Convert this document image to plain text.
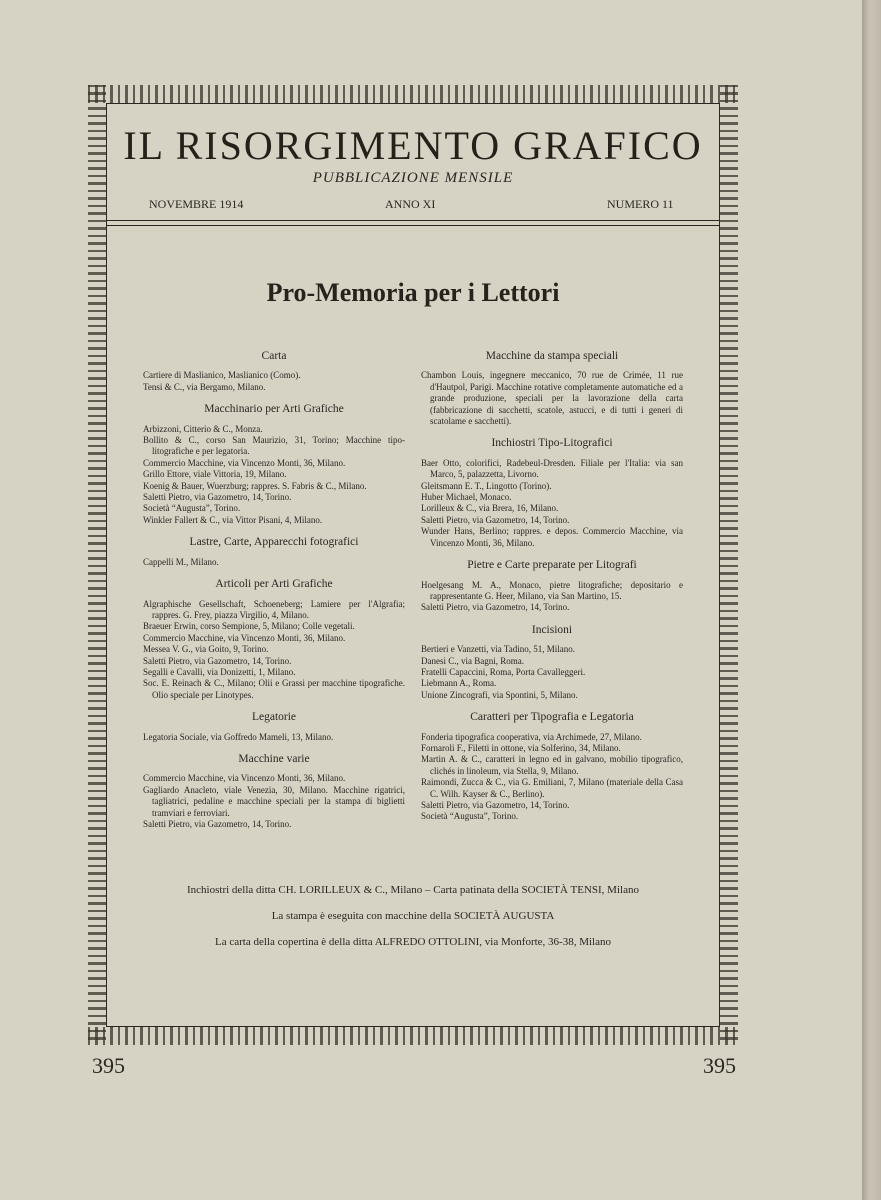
IL RISORGIMENTO GRAFICO
PUBBLICAZIONE MENSILE
NOVEMBRE 1914	ANNO XI	NUMERO 11
Pro-Memoria per i Lettori
Carta
Cartiere di Maslianico, Maslianico (Como).
Tensi & C., via Bergamo, Milano.
Macchinario per Arti Grafiche
Arbizzoni, Citterio & C., Monza.
Bollito & C., corso San Maurizio, 31, Torino; Macchine tipo-litografiche e per legatoria.
Commercio Macchine, via Vincenzo Monti, 36, Milano.
Grillo Ettore, viale Vittoria, 19, Milano.
Koenig & Bauer, Wuerzburg; rappres. S. Fabris & C., Milano.
Saletti Pietro, via Gazometro, 14, Torino.
Società “Augusta”, Torino.
Winkler Fallert & C., via Vittor Pisani, 4, Milano.
Lastre, Carte, Apparecchi fotografici
Cappelli M., Milano.
Articoli per Arti Grafiche
Algraphische Gesellschaft, Schoeneberg; Lamiere per l'Algrafia; rappres. G. Frey, piazza Virgilio, 4, Milano.
Braeuer Erwin, corso Sempione, 5, Milano; Colle vegetali.
Commercio Macchine, via Vincenzo Monti, 36, Milano.
Messea V. G., via Goito, 9, Torino.
Saletti Pietro, via Gazometro, 14, Torino.
Segalli e Cavalli, via Donizetti, 1, Milano.
Soc. E. Reinach & C., Milano; Olii e Grassi per macchine tipografiche. Olio speciale per Linotypes.
Legatorie
Legatoria Sociale, via Goffredo Mameli, 13, Milano.
Macchine varie
Commercio Macchine, via Vincenzo Monti, 36, Milano.
Gagliardo Anacleto, viale Venezia, 30, Milano. Macchine rigatrici, tagliatrici, pedaline e macchine speciali per la stampa di biglietti tramviari e ferroviari.
Saletti Pietro, via Gazometro, 14, Torino.
Macchine da stampa speciali
Chambon Louis, ingegnere meccanico, 70 rue de Crimée, 11 rue d'Hautpol, Parigi. Macchine rotative completamente automatiche ed a grande produzione, speciali per la lavorazione della carta (fabbricazione di sacchetti, scatole, astucci, e di tutti i generi di scatolame e sacchetti).
Inchiostri Tipo-Litografici
Baer Otto, colorifici, Radebeul-Dresden. Filiale per l'Italia: via san Marco, 5, palazzetta, Livorno.
Gleitsmann E. T., Lingotto (Torino).
Huber Michael, Monaco.
Lorilleux & C., via Brera, 16, Milano.
Saletti Pietro, via Gazometro, 14, Torino.
Wunder Hans, Berlino; rappres. e depos. Commercio Macchine, via Vincenzo Monti, 36, Milano.
Pietre e Carte preparate per Litografi
Hoelgesang M. A., Monaco, pietre litografiche; depositario e rappresentante G. Heer, Milano, via San Martino, 15.
Saletti Pietro, via Gazometro, 14, Torino.
Incisioni
Bertieri e Vanzetti, via Tadino, 51, Milano.
Danesi C., via Bagni, Roma.
Fratelli Capaccini, Roma, Porta Cavalleggeri.
Liebmann A., Roma.
Unione Zincografi, via Spontini, 5, Milano.
Caratteri per Tipografia e Legatoria
Fonderia tipografica cooperativa, via Archimede, 27, Milano.
Fornaroli F., Filetti in ottone, via Solferino, 34, Milano.
Martin A. & C., caratteri in legno ed in galvano, mobilio tipografico, clichés in linoleum, via Stella, 9, Milano.
Raimondi, Zucca & C., via G. Emiliani, 7, Milano (materiale della Casa C. Wilh. Kayser & C., Berlino).
Saletti Pietro, via Gazometro, 14, Torino.
Società “Augusta”, Torino.
Inchiostri della ditta CH. LORILLEUX & C., Milano – Carta patinata della SOCIETÀ TENSI, Milano
La stampa è eseguita con macchine della SOCIETÀ AUGUSTA
La carta della copertina è della ditta ALFREDO OTTOLINI, via Monforte, 36-38, Milano
395	395
